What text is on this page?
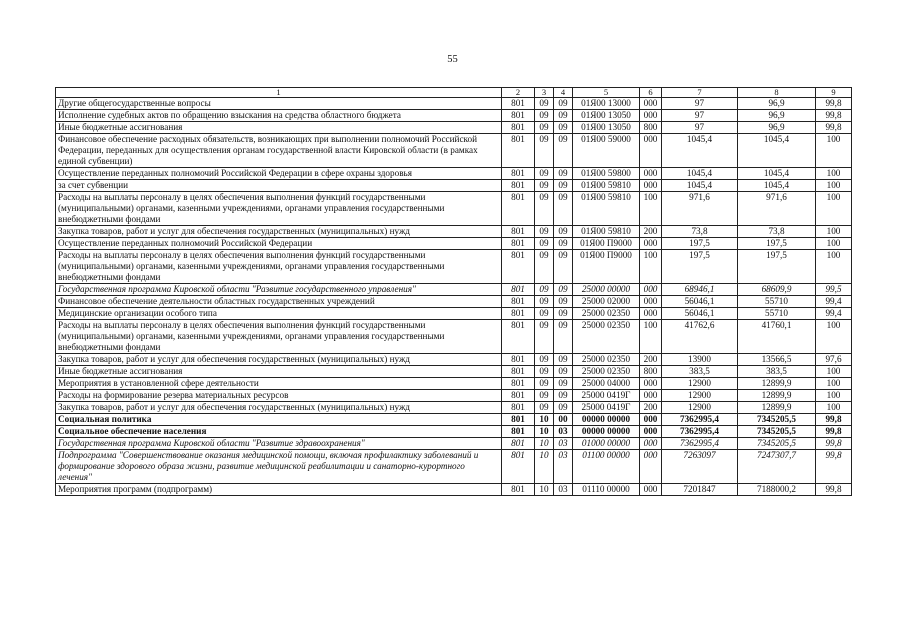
55
1	2	3	4	5	6	7	8	9
Другие общегосударственные вопросы	801	09	09	01Я00 13000	000	97	96,9	99,8
Исполнение судебных актов по обращению взыскания на средства областного бюджета	801	09	09	01Я00 13050	000	97	96,9	99,8
Иные бюджетные ассигнования	801	09	09	01Я00 13050	800	97	96,9	99,8
Финансовое обеспечение расходных обязательств, возникающих при выполнении полномочий Российской Федерации, переданных для осуществления органам государственной власти Кировской области (в рамках единой субвенции)	801	09	09	01Я00 59000	000	1045,4	1045,4	100
Осуществление переданных полномочий Российской Федерации в сфере охраны здоровья	801	09	09	01Я00 59800	000	1045,4	1045,4	100
за счет субвенции	801	09	09	01Я00 59810	000	1045,4	1045,4	100
Расходы на выплаты персоналу в целях обеспечения выполнения функций государственными (муниципальными) органами, казенными учреждениями, органами управления государственными внебюджетными фондами	801	09	09	01Я00 59810	100	971,6	971,6	100
Закупка товаров, работ и услуг для обеспечения государственных (муниципальных) нужд	801	09	09	01Я00 59810	200	73,8	73,8	100
Осуществление переданных полномочий Российской Федерации	801	09	09	01Я00 П9000	000	197,5	197,5	100
Расходы на выплаты персоналу в целях обеспечения выполнения функций государственными (муниципальными) органами, казенными учреждениями, органами управления государственными внебюджетными фондами	801	09	09	01Я00 П9000	100	197,5	197,5	100
Государственная программа Кировской области "Развитие государственного управления"	801	09	09	25000 00000	000	68946,1	68609,9	99,5
Финансовое обеспечение деятельности областных государственных учреждений	801	09	09	25000 02000	000	56046,1	55710	99,4
Медицинские организации особого типа	801	09	09	25000 02350	000	56046,1	55710	99,4
Расходы на выплаты персоналу в целях обеспечения выполнения функций государственными (муниципальными) органами, казенными учреждениями, органами управления государственными внебюджетными фондами	801	09	09	25000 02350	100	41762,6	41760,1	100
Закупка товаров, работ и услуг для обеспечения государственных (муниципальных) нужд	801	09	09	25000 02350	200	13900	13566,5	97,6
Иные бюджетные ассигнования	801	09	09	25000 02350	800	383,5	383,5	100
Мероприятия в установленной сфере деятельности	801	09	09	25000 04000	000	12900	12899,9	100
Расходы на формирование резерва материальных ресурсов	801	09	09	25000 0419Г	000	12900	12899,9	100
Закупка товаров, работ и услуг для обеспечения государственных (муниципальных) нужд	801	09	09	25000 0419Г	200	12900	12899,9	100
Социальная политика	801	10	00	00000 00000	000	7362995,4	7345205,5	99,8
Социальное обеспечение населения	801	10	03	00000 00000	000	7362995,4	7345205,5	99,8
Государственная программа Кировской области "Развитие здравоохранения"	801	10	03	01000 00000	000	7362995,4	7345205,5	99,8
Подпрограмма "Совершенствование оказания медицинской помощи, включая профилактику заболеваний и формирование здорового образа жизни, развитие медицинской реабилитации и санаторно-курортного лечения"	801	10	03	01100 00000	000	7263097	7247307,7	99,8
Мероприятия программ (подпрограмм)	801	10	03	01110 00000	000	7201847	7188000,2	99,8
